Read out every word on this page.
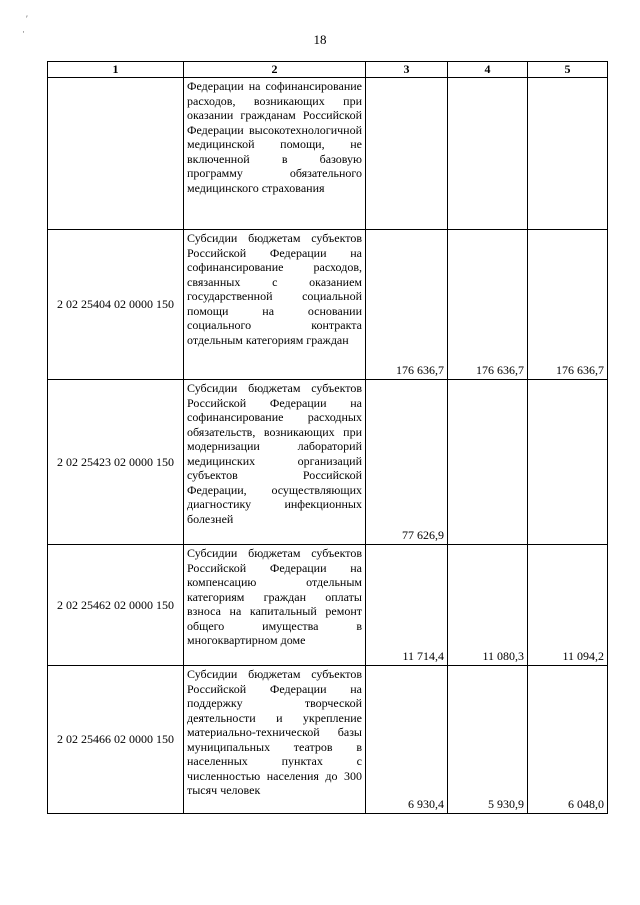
18
1	2	3	4	5
	Федерации на софинансирование расходов, возникающих при оказании гражданам Российской Федерации высокотехнологичной медицинской помощи, не включенной в базовую программу обязательного медицинского страхования			
2 02 25404 02 0000 150	Субсидии бюджетам субъектов Российской Федерации на софинансирование расходов, связанных с оказанием государственной социальной помощи на основании социального контракта отдельным категориям граждан	176 636,7	176 636,7	176 636,7
2 02 25423 02 0000 150	Субсидии бюджетам субъектов Российской Федерации на софинансирование расходных обязательств, возникающих при модернизации лабораторий медицинских организаций субъектов Российской Федерации, осуществляющих диагностику инфекционных болезней	77 626,9		
2 02 25462 02 0000 150	Субсидии бюджетам субъектов Российской Федерации на компенсацию отдельным категориям граждан оплаты взноса на капитальный ремонт общего имущества в многоквартирном доме	11 714,4	11 080,3	11 094,2
2 02 25466 02 0000 150	Субсидии бюджетам субъектов Российской Федерации на поддержку творческой деятельности и укрепление материально-технической базы муниципальных театров в населенных пунктах с численностью населения до 300 тысяч человек	6 930,4	5 930,9	6 048,0
′
·
